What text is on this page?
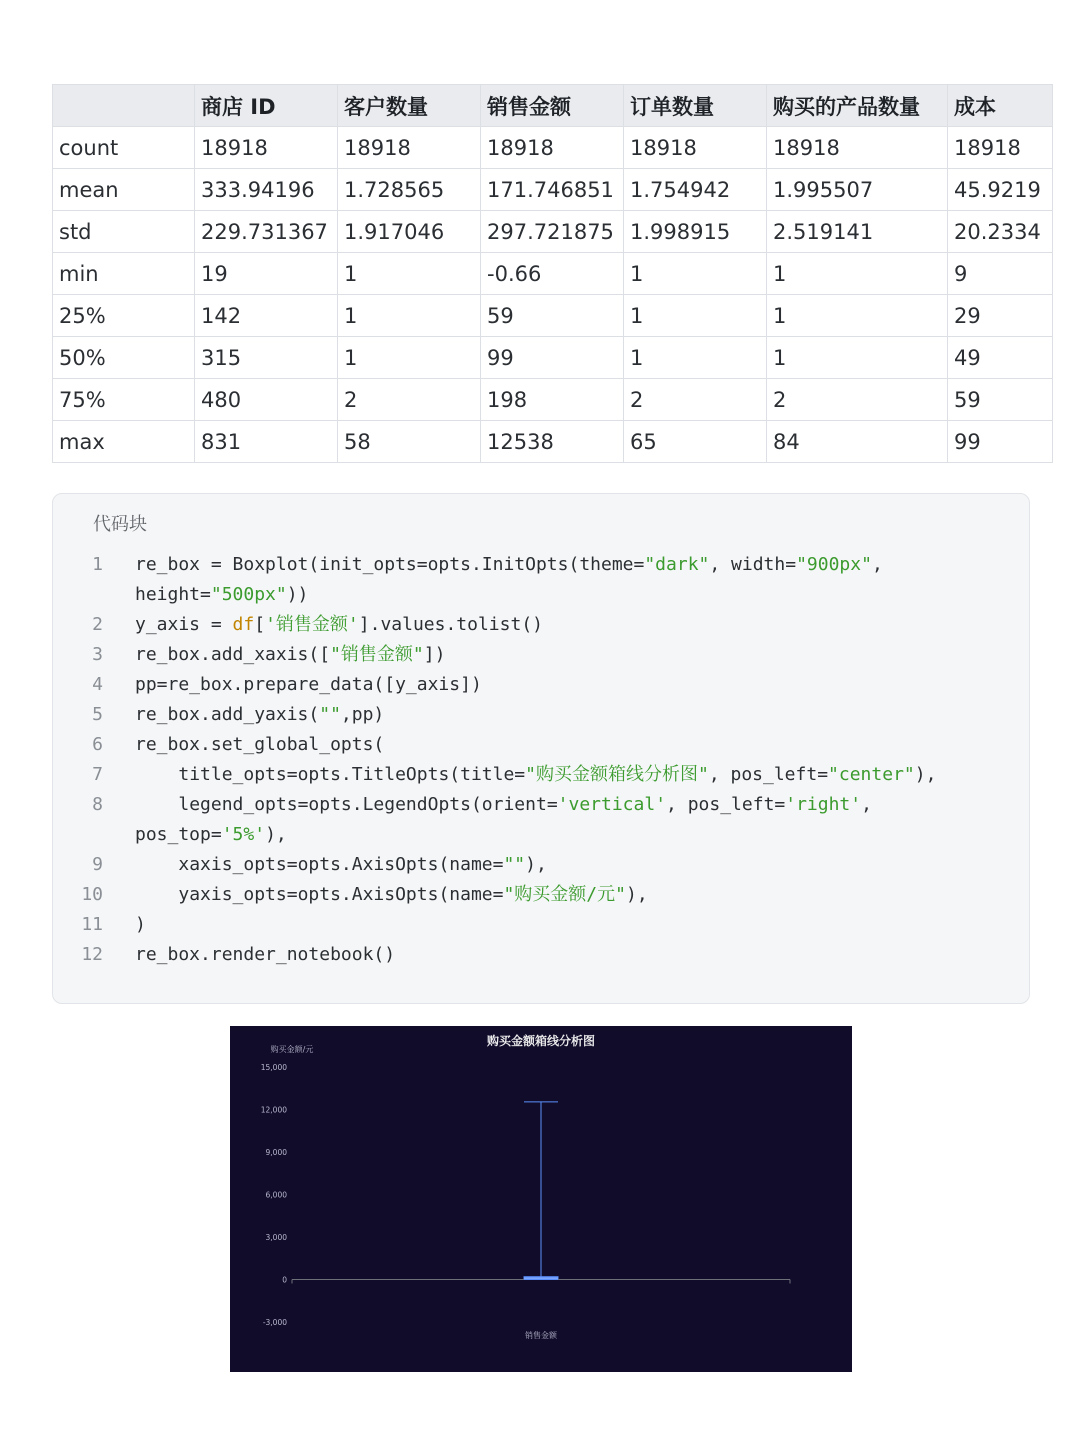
	商店 ID	客户数量	销售金额	订单数量	购买的产品数量	成本
count	18918	18918	18918	18918	18918	18918
mean	333.94196	1.728565	171.746851	1.754942	1.995507	45.9219
std	229.731367	1.917046	297.721875	1.998915	2.519141	20.2334
min	19	1	-0.66	1	1	9
25%	142	1	59	1	1	29
50%	315	1	99	1	1	49
75%	480	2	198	2	2	59
max	831	58	12538	65	84	99
代码块
1 re_box = Boxplot(init_opts=opts.InitOpts(theme="dark", width="900px",
height="500px"))
2 y_axis = df['销售金额'].values.tolist()
3 re_box.add_xaxis(["销售金额"])
4 pp=re_box.prepare_data([y_axis])
5 re_box.add_yaxis("",pp)
6 re_box.set_global_opts(
7 title_opts=opts.TitleOpts(title="购买金额箱线分析图", pos_left="center"),
8 legend_opts=opts.LegendOpts(orient='vertical', pos_left='right',
pos_top='5%'),
9 xaxis_opts=opts.AxisOpts(name=""),
10 yaxis_opts=opts.AxisOpts(name="购买金额/元"),
11 )
12 re_box.render_notebook()
购买金额箱线分析图
购买金额/元
-3,000
0
3,000
6,000
9,000
12,000
15,000
销售金额
